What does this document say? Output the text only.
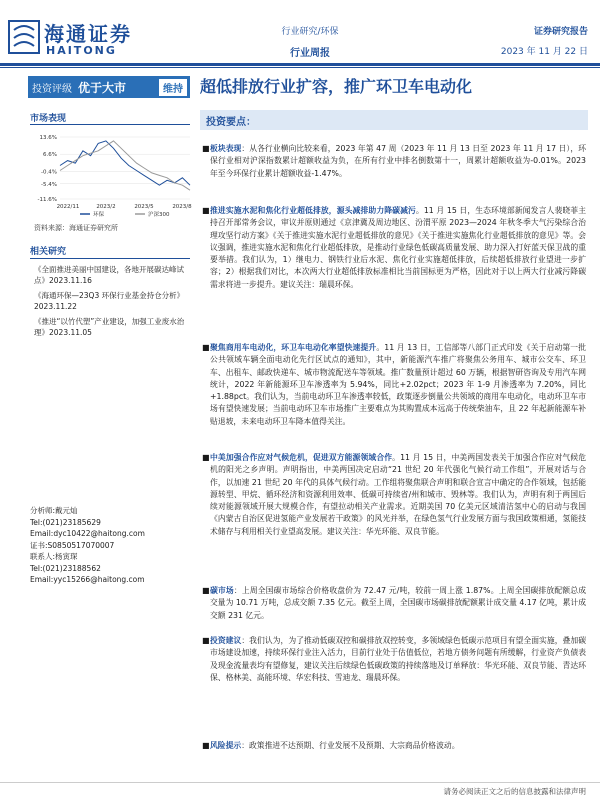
海通证券
HAITONG
行业研究/环保
行业周报
证券研究报告
2023 年 11 月 22 日
投资评级 优于大市	维持 超低排放行业扩容，推广环卫车电动化
市场表现
13.6%
6.6%
-0.4%
-5.4%
-11.6%
2022/11	2023/2	2023/5	2023/8
环保	沪深300
资料来源：海通证券研究所
相关研究
《全面推进美丽中国建设，各地开展碳达峰试点》2023.11.16
《海通环保—23Q3 环保行业基金持仓分析》2023.11.22
《推进“以竹代塑”产业建设，加强工业废水治理》2023.11.05
分析师:戴元灿
Tel:(021)23185629
Email:dyc10422@haitong.com
证书:S0850517070007
联系人:杨寅琛
Tel:(021)23188562
Email:yyc15266@haitong.com
投资要点：
■ 板块表现：从各行业横向比较来看，2023 年第 47 周（2023 年 11 月 13 日至 2023 年 11 月 17 日），环保行业相对沪深指数累计超额收益为负，在所有行业中排名倒数第十一，周累计超额收益为-0.01%。2023 年至今环保行业累计超额收益-1.47%。
■ 推进实施水泥和焦化行业超低排放，源头减排助力降碳减污。11 月 15 日，生态环境部新闻发言人裴晓菲主持召开部常务会议，审议并原则通过《京津冀及周边地区、汾渭平原 2023—2024 年秋冬季大气污染综合治理攻坚行动方案》《关于推进实施水泥行业超低排放的意见》《关于推进实施焦化行业超低排放的意见》等。会议强调，推进实施水泥和焦化行业超低排放，是推动行业绿色低碳高质量发展、助力深入打好蓝天保卫战的重要举措。我们认为，1）继电力、钢铁行业后水泥、焦化行业实施超低排放，后续超低排放行业望进一步扩容；2）根据我们对比，本次两大行业超低排放标准相比当前国标更为严格，因此对于以上两大行业减污降碳需求将进一步提升。建议关注：瑞晨环保。
■ 聚焦商用车电动化，环卫车电动化率望快速提升。11 月 13 日，工信部等八部门正式印发《关于启动第一批公共领域车辆全面电动化先行区试点的通知》，其中，新能源汽车推广将聚焦公务用车、城市公交车、环卫车、出租车、邮政快递车、城市物流配送车等领域。推广数量预计超过 60 万辆，根据智研咨询及专用汽车网统计，2022 年新能源环卫车渗透率为 5.94%，同比+2.02pct；2023 年 1-9 月渗透率为 7.20%，同比+1.88pct。我们认为，当前电动环卫车渗透率较低，政策逐步倒量公共领域的商用车电动化，电动环卫车市场有望快速发展；当前电动环卫车市场推广主要难点为其购置成本远高于传统柴油车，且 22 年起新能源车补贴退坡，未来电动环卫车降本值得关注。
■ 中美加强合作应对气候危机，促进双方能源领域合作。11 月 15 日，中美两国发表关于加强合作应对气候危机的阳光之乡声明。声明指出，中美两国决定启动“21 世纪 20 年代强化气候行动工作组”，开展对话与合作，以加速 21 世纪 20 年代的具体气候行动。工作组将聚焦联合声明和联合宣言中确定的合作领域，包括能源转型、甲烷、循环经济和资源利用效率、低碳可持续省/州和城市、毁林等。我们认为，声明有利于两国后续对能源领域开展大规模合作，有望拉动相关产业需求。近期美国 70 亿美元区域清洁氢中心的启动与我国《内蒙古自治区促进氢能产业发展若干政策》的风光并举，在绿色氢气行业发展方面与我国政策相通，氢能技术储存与利用相关行业望高发展。建议关注：华光环能、双良节能。
■ 碳市场：上周全国碳市场综合价格收盘价为 72.47 元/吨，较前一周上涨 1.87%。上周全国碳排放配额总成交量为 10.71 万吨，总成交额 7.35 亿元。截至上周，全国碳市场碳排放配额累计成交量 4.17 亿吨，累计成交额 231 亿元。
■ 投资建议：我们认为，为了推动低碳双控和碳排放双控转变，多领域绿色低碳示范项目有望全面实施，叠加碳市场建设加速，持续环保行业注入活力，目前行业处于估值低位，若地方债务问题有所缓解，行业资产负债表及现金流量表均有望修复，建议关注后续绿色低碳政策的持续落地及订单释放：华光环能、双良节能、青达环保、格林美、高能环境、华宏科技、雪迪龙、瑞晨环保。
■ 风险提示：政策推进不达预期、行业发展不及预期、大宗商品价格波动。
请务必阅读正文之后的信息披露和法律声明
